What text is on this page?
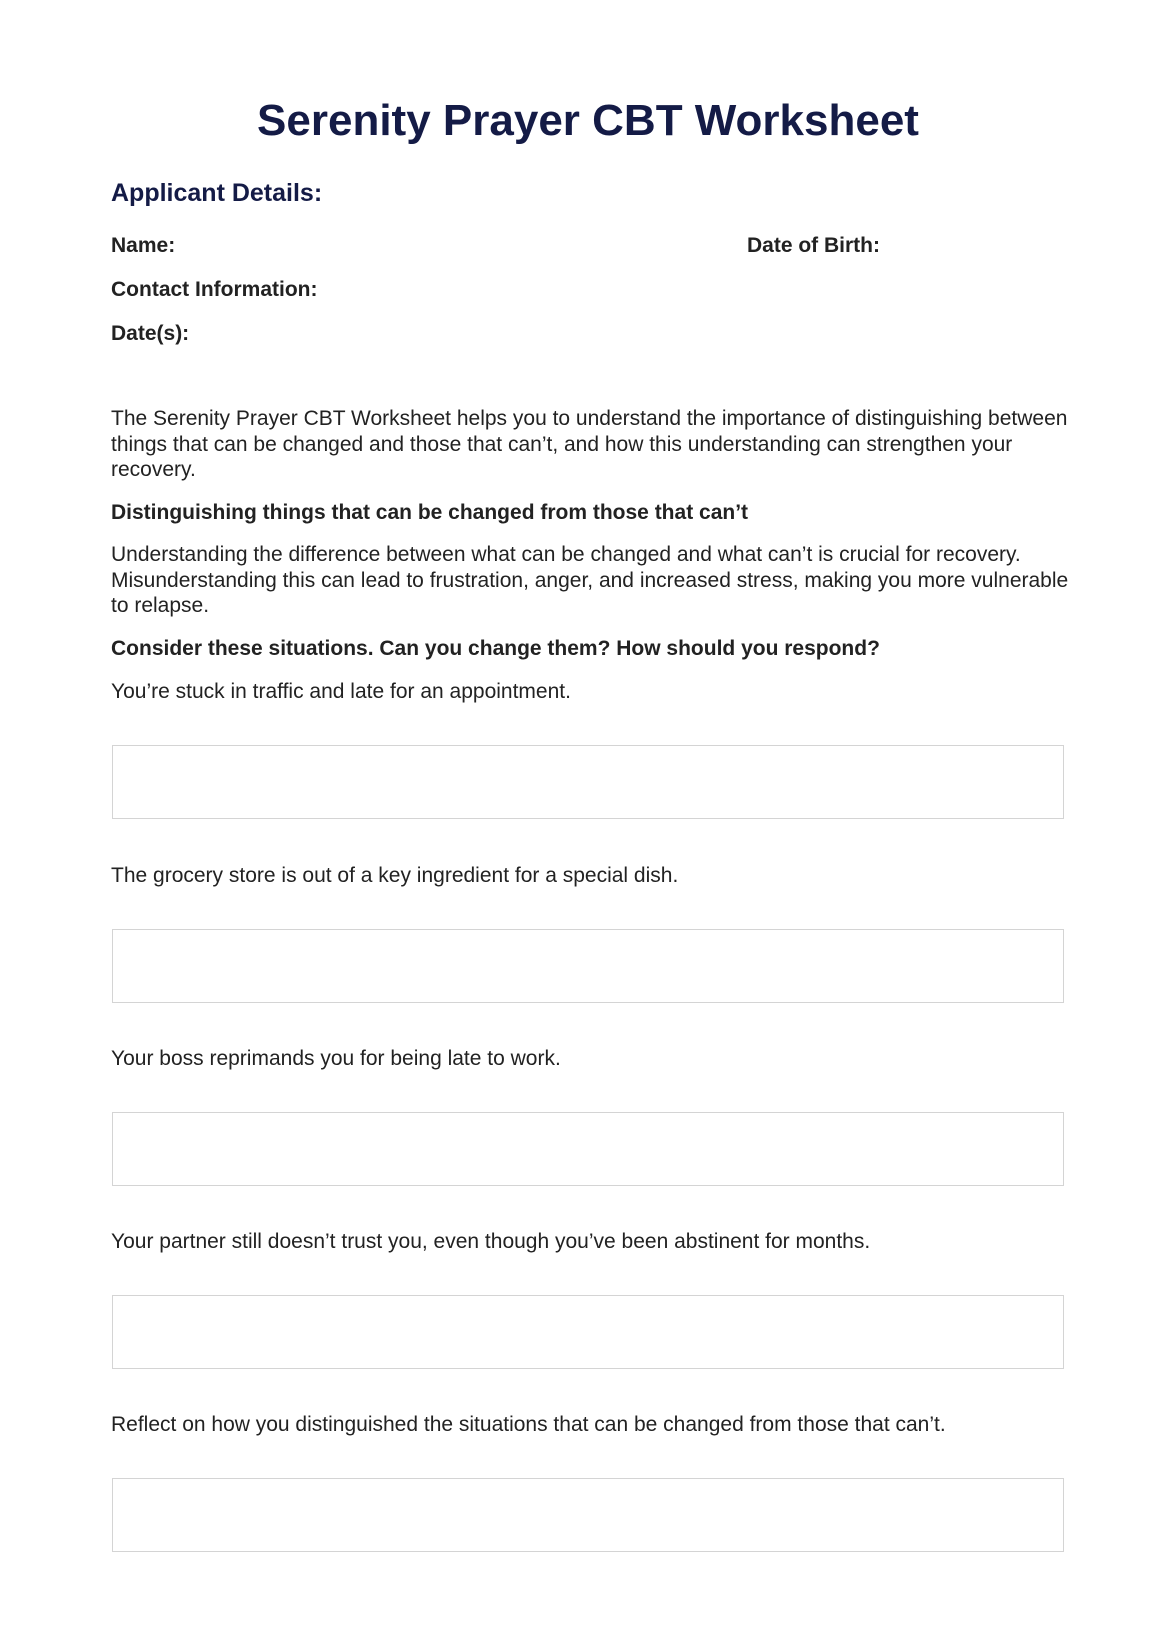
Serenity Prayer CBT Worksheet
Applicant Details:
Name:	Date of Birth:
Contact Information:
Date(s):

The Serenity Prayer CBT Worksheet helps you to understand the importance of distinguishing between things that can be changed and those that can’t, and how this understanding can strengthen your recovery.

Distinguishing things that can be changed from those that can’t

Understanding the difference between what can be changed and what can’t is crucial for recovery. Misunderstanding this can lead to frustration, anger, and increased stress, making you more vulnerable to relapse.

Consider these situations. Can you change them? How should you respond?

You’re stuck in traffic and late for an appointment.

The grocery store is out of a key ingredient for a special dish.

Your boss reprimands you for being late to work.

Your partner still doesn’t trust you, even though you’ve been abstinent for months.

Reflect on how you distinguished the situations that can be changed from those that can’t.
